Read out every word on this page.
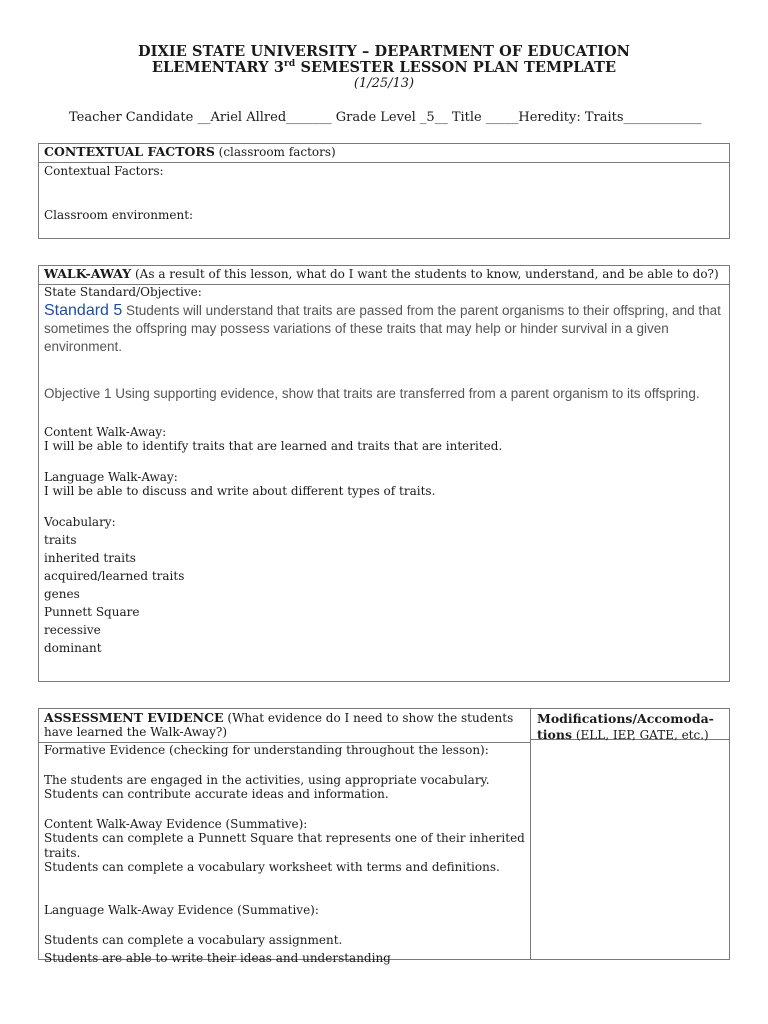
DIXIE STATE UNIVERSITY – DEPARTMENT OF EDUCATION
ELEMENTARY 3rd SEMESTER LESSON PLAN TEMPLATE
(1/25/13)
Teacher Candidate __Ariel Allred_______ Grade Level _5__ Title _____Heredity: Traits____________
CONTEXTUAL FACTORS (classroom factors)
Contextual Factors:
Classroom environment:
WALK-AWAY (As a result of this lesson, what do I want the students to know, understand, and be able to do?)
State Standard/Objective:
Standard 5 Students will understand that traits are passed from the parent organisms to their offspring, and that sometimes the offspring may possess variations of these traits that may help or hinder survival in a given environment.
Objective 1 Using supporting evidence, show that traits are transferred from a parent organism to its offspring.
Content Walk-Away:
I will be able to identify traits that are learned and traits that are interited.
Language Walk-Away:
I will be able to discuss and write about different types of traits.
Vocabulary:
traits
inherited traits
acquired/learned traits
genes
Punnett Square
recessive
dominant
ASSESSMENT EVIDENCE (What evidence do I need to show the students have learned the Walk-Away?)
Formative Evidence (checking for understanding throughout the lesson):
The students are engaged in the activities, using appropriate vocabulary.
Students can contribute accurate ideas and information.
Content Walk-Away Evidence (Summative):
Students can complete a Punnett Square that represents one of their inherited traits.
Students can complete a vocabulary worksheet with terms and definitions.
Language Walk-Away Evidence (Summative):
Students can complete a vocabulary assignment.
Students are able to write their ideas and understanding
Modifications/Accomoda-tions (ELL, IEP, GATE, etc.)
